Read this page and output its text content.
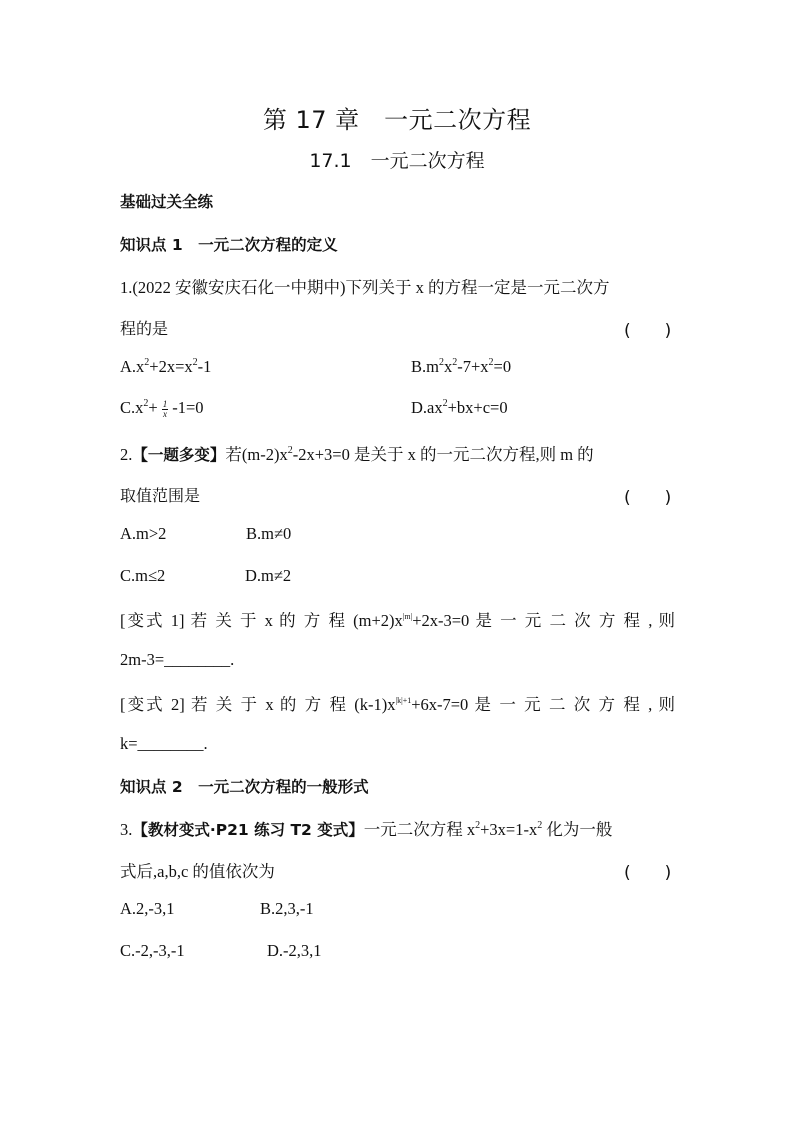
第 17 章　一元二次方程
17.1　一元二次方程
基础过关全练
知识点 1　一元二次方程的定义
1.(2022 安徽安庆石化一中期中)下列关于 x 的方程一定是一元二次方
程的是	(　　)
$A.x^2+2x=x^2-1$	$B.m^2x^2-7+x^2=0$
$C.x^2+ \frac{1}{x} -1=0$	$D.ax^2+bx+c=0$
2.【一题多变】若$(m-2)x^2-2x+3=0$ 是关于 x 的一元二次方程,则 m 的
取值范围是	(　　)
A.m>2	B.m≠0
C.m≤2	D.m≠2
[变式 1] 若 关 于 x 的 方 程 $(m+2)x^{|m|}+2x-3=0$ 是 一 元 二 次 方 程 , 则
2m-3=________.
[变式 2] 若 关 于 x 的 方 程 $(k-1)x^{|k|+1}+6x-7=0$ 是 一 元 二 次 方 程 , 则
k=________.
知识点 2　一元二次方程的一般形式
3.【教材变式·P21 练习 T2 变式】一元二次方程 $x^2+3x=1-x^2$ 化为一般
式后,a,b,c 的值依次为	(　　)
A.2,-3,1	B.2,3,-1
C.-2,-3,-1	D.-2,3,1
